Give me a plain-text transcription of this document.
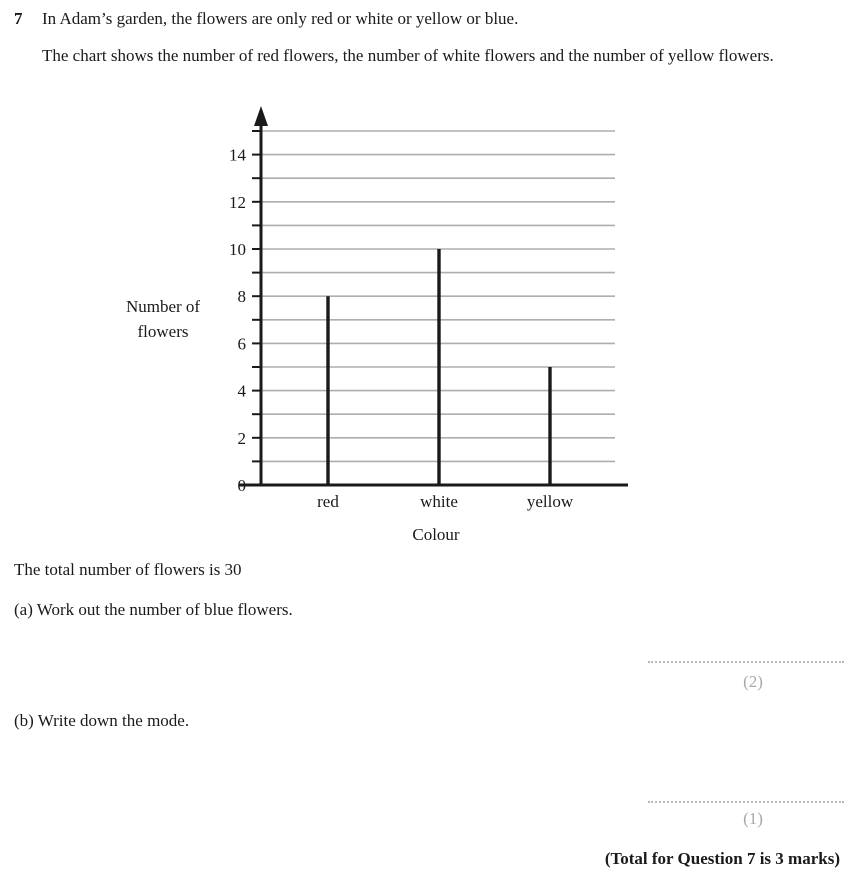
7 In Adam’s garden, the flowers are only red or white or yellow or blue.
The chart shows the number of red flowers, the number of white flowers and the number of yellow flowers.
0
2
4
6
8
10
12
14
red	white	yellow
Colour
Number of
flowers
The total number of flowers is 30
(a) Work out the number of blue flowers.
(2)
(b) Write down the mode.
(1)
(Total for Question 7 is 3 marks)
